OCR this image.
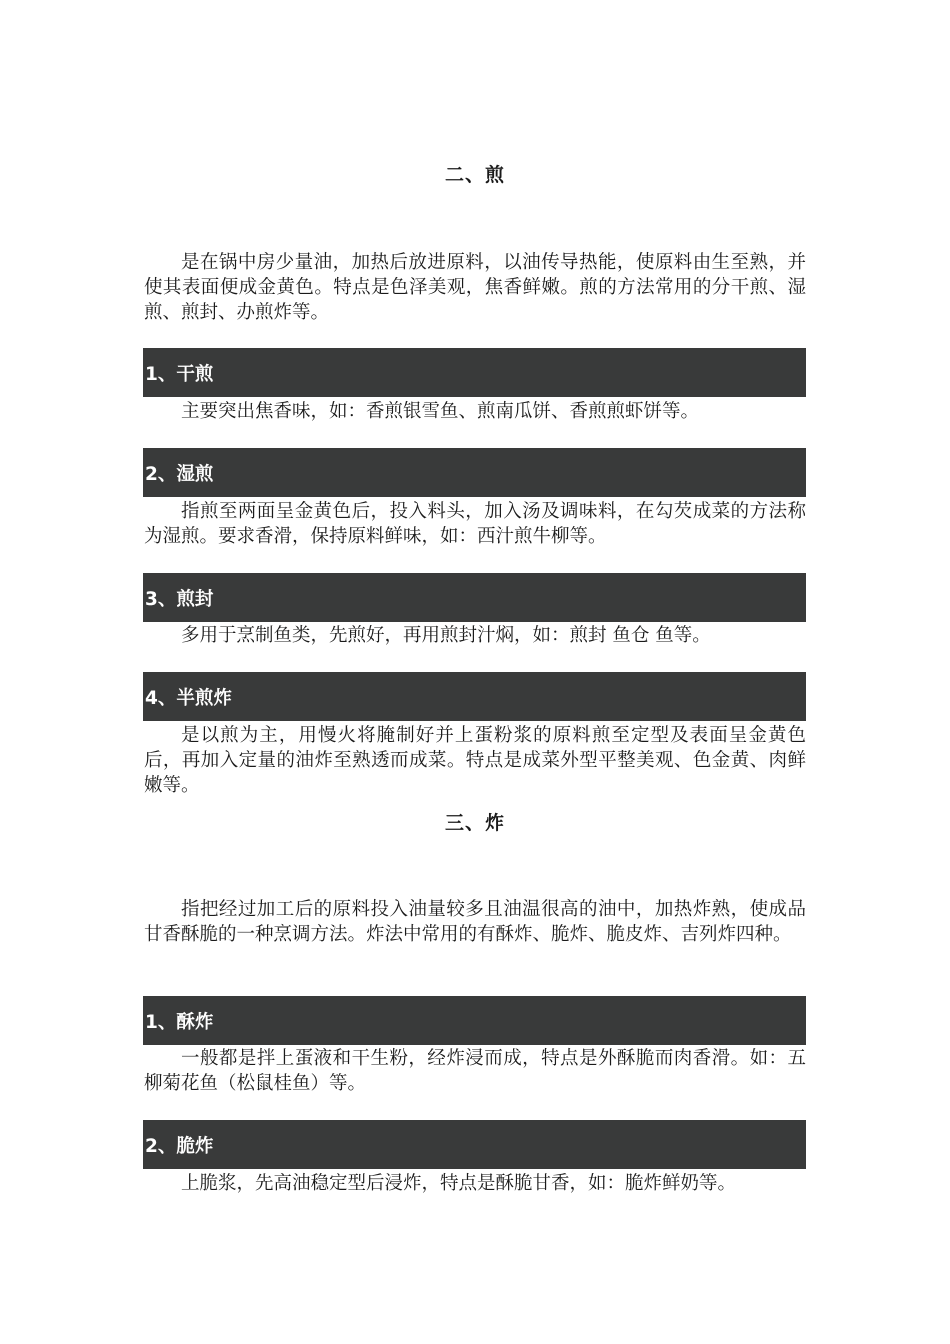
二、煎

是在锅中房少量油，加热后放进原料，以油传导热能，使原料由生至熟，并使其表面便成金黄色。特点是色泽美观，焦香鲜嫩。煎的方法常用的分干煎、湿煎、煎封、办煎炸等。

1、干煎

主要突出焦香味，如：香煎银雪鱼、煎南瓜饼、香煎煎虾饼等。

2、湿煎

指煎至两面呈金黄色后，投入料头，加入汤及调味料，在勾芡成菜的方法称为湿煎。要求香滑，保持原料鲜味，如：西汁煎牛柳等。

3、煎封

多用于烹制鱼类，先煎好，再用煎封汁焖，如：煎封 鱼仓 鱼等。

4、半煎炸

是以煎为主，用慢火将腌制好并上蛋粉浆的原料煎至定型及表面呈金黄色后，再加入定量的油炸至熟透而成菜。特点是成菜外型平整美观、色金黄、肉鲜嫩等。

三、炸

指把经过加工后的原料投入油量较多且油温很高的油中，加热炸熟，使成品甘香酥脆的一种烹调方法。炸法中常用的有酥炸、脆炸、脆皮炸、吉列炸四种。

1、酥炸

一般都是拌上蛋液和干生粉，经炸浸而成，特点是外酥脆而肉香滑。如：五柳菊花鱼（松鼠桂鱼）等。

2、脆炸

上脆浆，先高油稳定型后浸炸，特点是酥脆甘香，如：脆炸鲜奶等。
